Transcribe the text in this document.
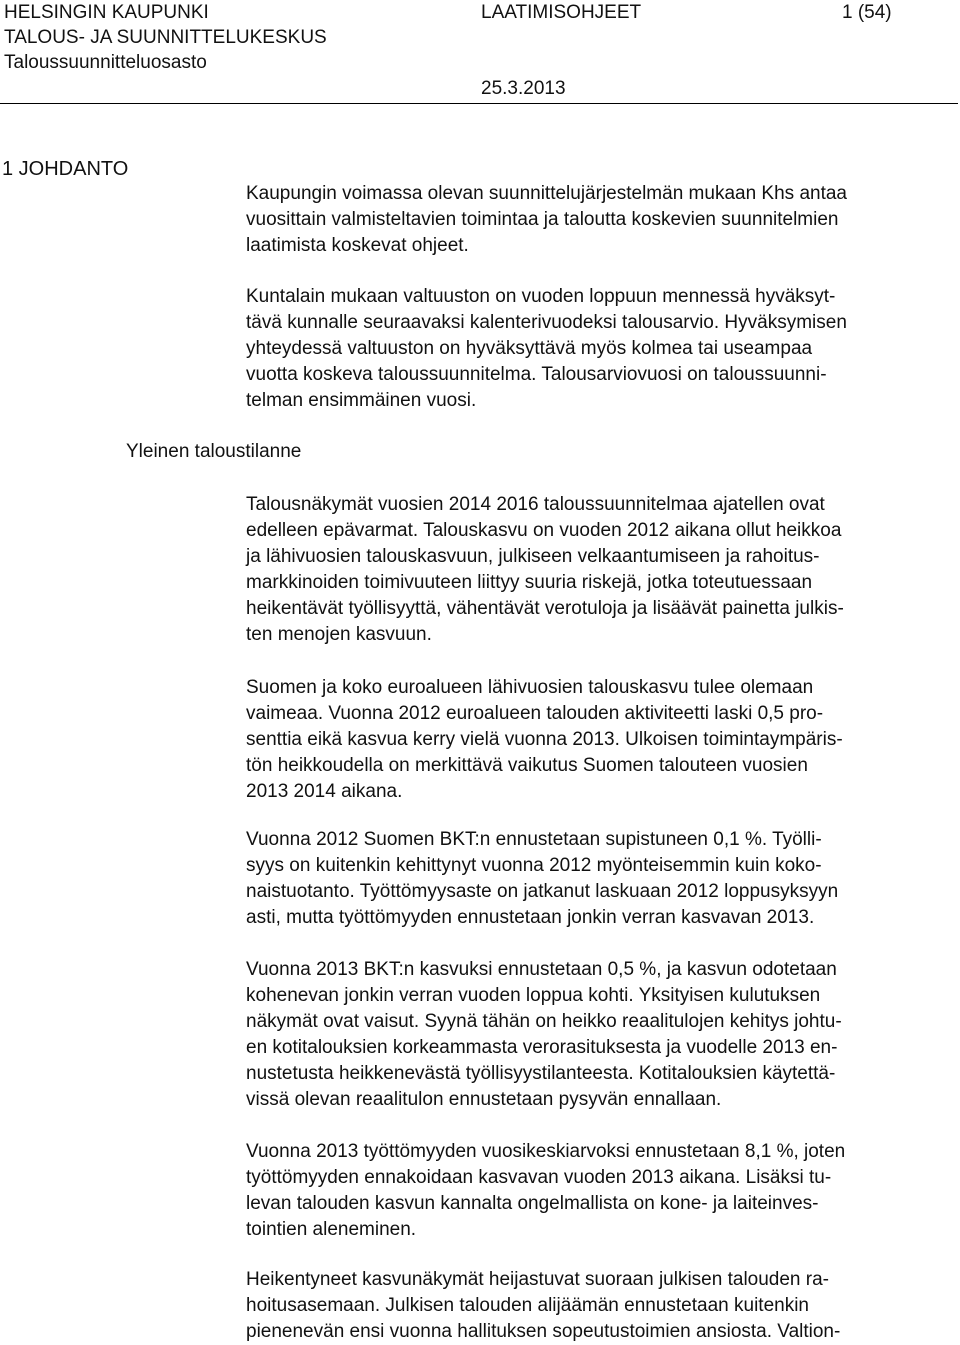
HELSINGIN KAUPUNKI
TALOUS- JA SUUNNITTELUKESKUS
Taloussuunnitteluosasto
LAATIMISOHJEET	1 (54)
25.3.2013
1 JOHDANTO
Yleinen taloustilanne

Kaupungin voimassa olevan suunnittelujärjestelmän mukaan Khs antaa
vuosittain valmisteltavien toimintaa ja taloutta koskevien suunnitelmien
laatimista koskevat ohjeet.

Kuntalain mukaan valtuuston on vuoden loppuun mennessä hyväksyt-
tävä kunnalle seuraavaksi kalenterivuodeksi talousarvio. Hyväksymisen
yhteydessä valtuuston on hyväksyttävä myös kolmea tai useampaa
vuotta koskeva taloussuunnitelma. Talousarviovuosi on taloussuunni-
telman ensimmäinen vuosi.

Talousnäkymät vuosien 2014 2016 taloussuunnitelmaa ajatellen ovat
edelleen epävarmat. Talouskasvu on vuoden 2012 aikana ollut heikkoa
ja lähivuosien talouskasvuun, julkiseen velkaantumiseen ja rahoitus-
markkinoiden toimivuuteen liittyy suuria riskejä, jotka toteutuessaan
heikentävät työllisyyttä, vähentävät verotuloja ja lisäävät painetta julkis-
ten menojen kasvuun.

Suomen ja koko euroalueen lähivuosien talouskasvu tulee olemaan
vaimeaa. Vuonna 2012 euroalueen talouden aktiviteetti laski 0,5 pro-
senttia eikä kasvua kerry vielä vuonna 2013. Ulkoisen toimintaympäris-
tön heikkoudella on merkittävä vaikutus Suomen talouteen vuosien
2013 2014 aikana.

Vuonna 2012 Suomen BKT:n ennustetaan supistuneen 0,1 %. Työlli-
syys on kuitenkin kehittynyt vuonna 2012 myönteisemmin kuin koko-
naistuotanto. Työttömyysaste on jatkanut laskuaan 2012 loppusyksyyn
asti, mutta työttömyyden ennustetaan jonkin verran kasvavan 2013.

Vuonna 2013 BKT:n kasvuksi ennustetaan 0,5 %, ja kasvun odotetaan
kohenevan jonkin verran vuoden loppua kohti. Yksityisen kulutuksen
näkymät ovat vaisut. Syynä tähän on heikko reaalitulojen kehitys johtu-
en kotitalouksien korkeammasta verorasituksesta ja vuodelle 2013 en-
nustetusta heikkenevästä työllisyystilanteesta. Kotitalouksien käytettä-
vissä olevan reaalitulon ennustetaan pysyvän ennallaan.

Vuonna 2013 työttömyyden vuosikeskiarvoksi ennustetaan 8,1 %, joten
työttömyyden ennakoidaan kasvavan vuoden 2013 aikana. Lisäksi tu-
levan talouden kasvun kannalta ongelmallista on kone- ja laiteinves-
tointien aleneminen.

Heikentyneet kasvunäkymät heijastuvat suoraan julkisen talouden ra-
hoitusasemaan. Julkisen talouden alijäämän ennustetaan kuitenkin
pienenevän ensi vuonna hallituksen sopeutustoimien ansiosta. Valtion-
